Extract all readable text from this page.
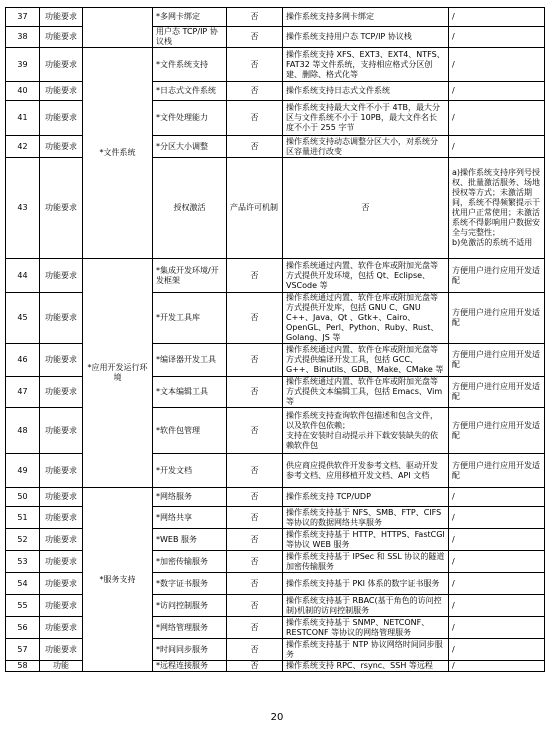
37	功能要求		*多网卡绑定	否	操作系统支持多网卡绑定	/	
38	功能要求		用户态 TCP/IP 协议栈	否	操作系统支持用户态 TCP/IP 协议栈	/	
39	功能要求	*文件系统	*文件系统支持	否	操作系统支持 XFS、EXT3、EXT4、NTFS、FAT32 等文件系统，支持相应格式分区创建、删除、格式化等	/	
40	功能要求		*日志式文件系统	否	操作系统支持日志式文件系统	/	
41	功能要求		*文件处理能力	否	操作系统支持最大文件不小于 4TB，最大分区与文件系统不小于 10PB，最大文件名长度不小于 255 字节	/	
42	功能要求		*分区大小调整	否	操作系统支持动态调整分区大小，对系统分区容量进行改变	/	
43	功能要求		授权激活	产品许可机制	否	a)操作系统支持序列号授权、批量激活服务、场地授权等方式；未激活期间，系统不得频繁提示干扰用户正常使用；未激活系统不得影响用户数据安全与完整性；
b)免激活的系统不适用	
44	功能要求	*应用开发运行环境	*集成开发环境/开发框架	否	操作系统通过内置、软件仓库或附加光盘等方式提供开发环境，包括 Qt、Eclipse、VSCode 等	方便用户进行应用开发适配	
45	功能要求		*开发工具库	否	操作系统通过内置、软件仓库或附加光盘等方式提供开发库，包括 GNU C、GNU C++、Java、Qt 、Gtk+、Cairo、OpenGL、Perl、Python、Ruby、Rust、Golang、JS 等	方便用户进行应用开发适配	
46	功能要求		*编译器开发工具	否	操作系统通过内置、软件仓库或附加光盘等方式提供编译开发工具，包括 GCC、G++、Binutils、GDB、Make、CMake 等	方便用户进行应用开发适配	
47	功能要求		*文本编辑工具	否	操作系统通过内置、软件仓库或附加光盘等方式提供文本编辑工具，包括 Emacs、Vim 等	方便用户进行应用开发适配	
48	功能要求		*软件包管理	否	操作系统支持查询软件包描述和包含文件，以及软件包依赖；
支持在安装时自动提示并下载安装缺失的依赖软件包	方便用户进行应用开发适配	
49	功能要求		*开发文档	否	供应商应提供软件开发参考文档、驱动开发参考文档、应用移植开发文档、API 文档	方便用户进行应用开发适配	
50	功能要求	*服务支持	*网络服务	否	操作系统支持 TCP/UDP	/	
51	功能要求		*网络共享	否	操作系统支持基于 NFS、SMB、FTP、CIFS 等协议的数据网络共享服务	/	
52	功能要求		*WEB 服务	否	操作系统支持基于 HTTP、HTTPS、FastCGI 等协议 WEB 服务	/	
53	功能要求		*加密传输服务	否	操作系统支持基于 IPSec 和 SSL 协议的隧道加密传输服务	/	
54	功能要求		*数字证书服务	否	操作系统支持基于 PKI 体系的数字证书服务	/	
55	功能要求		*访问控制服务	否	操作系统支持基于 RBAC(基于角色的访问控制)机制的访问控制服务	/	
56	功能要求		*网络管理服务	否	操作系统支持基于 SNMP、NETCONF、RESTCONF 等协议的网络管理服务	/	
57	功能要求		*时间同步服务	否	操作系统支持基于 NTP 协议网络时间同步服务	/	
58	功能		*远程连接服务	否	操作系统支持 RPC、rsync、SSH 等远程	/	
20
